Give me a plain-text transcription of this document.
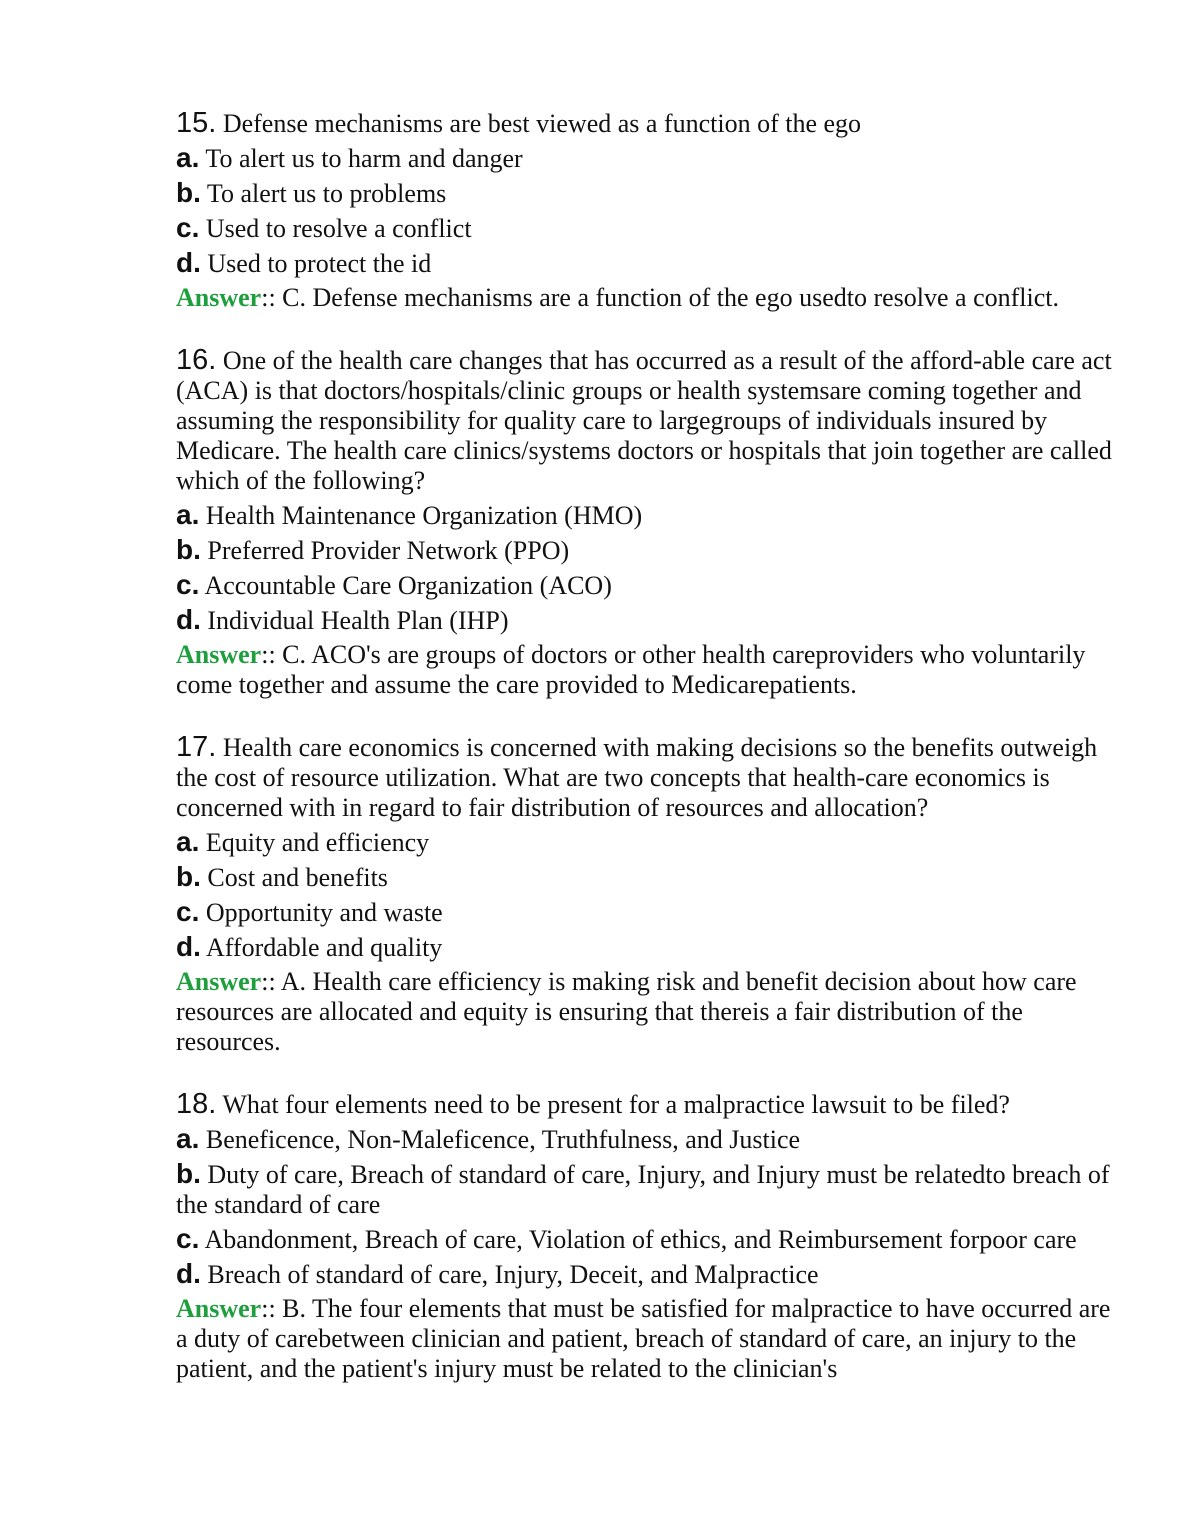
15. Defense mechanisms are best viewed as a function of the ego

a. To alert us to harm and danger

b. To alert us to problems

c. Used to resolve a conflict

d. Used to protect the id

Answer:: C. Defense mechanisms are a function of the ego usedto resolve a conflict.

16. One of the health care changes that has occurred as a result of the afford-able care act (ACA) is that doctors/hospitals/clinic groups or health systemsare coming together and assuming the responsibility for quality care to largegroups of individuals insured by Medicare. The health care clinics/systems doctors or hospitals that join together are called which of the following?

a. Health Maintenance Organization (HMO)

b. Preferred Provider Network (PPO)

c. Accountable Care Organization (ACO)

d. Individual Health Plan (IHP)

Answer:: C. ACO's are groups of doctors or other health careproviders who voluntarily come together and assume the care provided to Medicarepatients.

17. Health care economics is concerned with making decisions so the benefits outweigh the cost of resource utilization. What are two concepts that health-care economics is concerned with in regard to fair distribution of resources and allocation?

a. Equity and efficiency

b. Cost and benefits

c. Opportunity and waste

d. Affordable and quality

Answer:: A. Health care efficiency is making risk and benefit decision about how care resources are allocated and equity is ensuring that thereis a fair distribution of the resources.

18. What four elements need to be present for a malpractice lawsuit to be filed?

a. Beneficence, Non-Maleficence, Truthfulness, and Justice

b. Duty of care, Breach of standard of care, Injury, and Injury must be relatedto breach of the standard of care

c. Abandonment, Breach of care, Violation of ethics, and Reimbursement forpoor care

d. Breach of standard of care, Injury, Deceit, and Malpractice

Answer:: B. The four elements that must be satisfied for malpractice to have occurred are a duty of carebetween clinician and patient, breach of standard of care, an injury to the patient, and the patient's injury must be related to the clinician's
